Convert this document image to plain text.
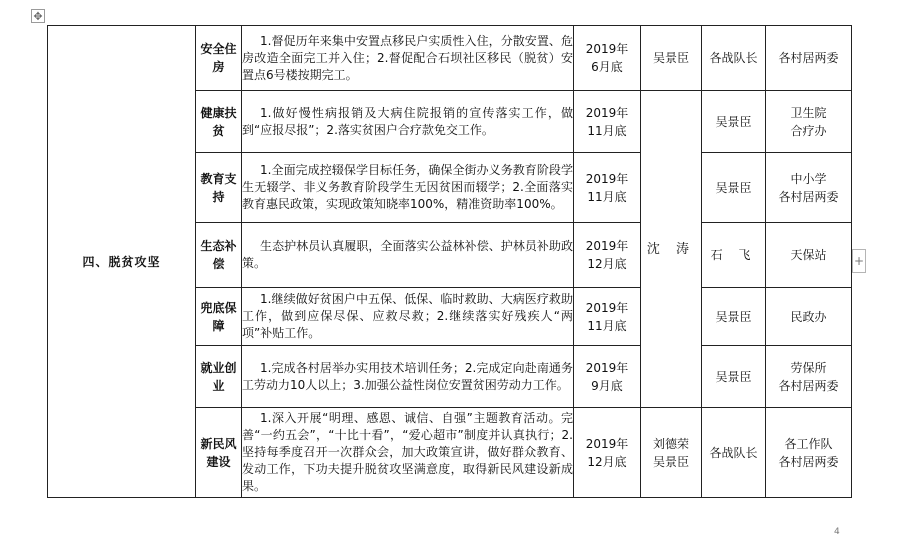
✥
四、脱贫攻坚	安全住房	1.督促历年来集中安置点移民户实质性入住，分散安置、危房改造全面完工并入住；2.督促配合石坝社区移民（脱贫）安置点6号楼按期完工。	2019年
6月底	吴景臣	各战队长	各村居两委
	健康扶贫	1.做好慢性病报销及大病住院报销的宣传落实工作，做到“应报尽报”；2.落实贫困户合疗款免交工作。	2019年
11月底	沈 涛	吴景臣	卫生院
合疗办
	教育支持	1.全面完成控辍保学目标任务，确保全街办义务教育阶段学生无辍学、非义务教育阶段学生无因贫困而辍学；2.全面落实教育惠民政策，实现政策知晓率100%，精准资助率100%。	2019年
11月底		吴景臣	中小学
各村居两委
	生态补偿	生态护林员认真履职，全面落实公益林补偿、护林员补助政策。	2019年
12月底		石 飞	天保站
	兜底保障	1.继续做好贫困户中五保、低保、临时救助、大病医疗救助工作，做到应保尽保、应救尽救；2.继续落实好残疾人“两项”补贴工作。	2019年
11月底		吴景臣	民政办
	就业创业	1.完成各村居举办实用技术培训任务；2.完成定向赴南通务工劳动力10人以上；3.加强公益性岗位安置贫困劳动力工作。	2019年
9月底		吴景臣	劳保所
各村居两委
	新民风建设	1.深入开展“明理、感恩、诚信、自强”主题教育活动。完善“一约五会”，“十比十看”，“爱心超市”制度并认真执行；2.坚持每季度召开一次群众会，加大政策宣讲，做好群众教育、发动工作，下功夫提升脱贫攻坚满意度，取得新民风建设新成果。	2019年
12月底	刘德荣
吴景臣	各战队长	各工作队
各村居两委
+
4
